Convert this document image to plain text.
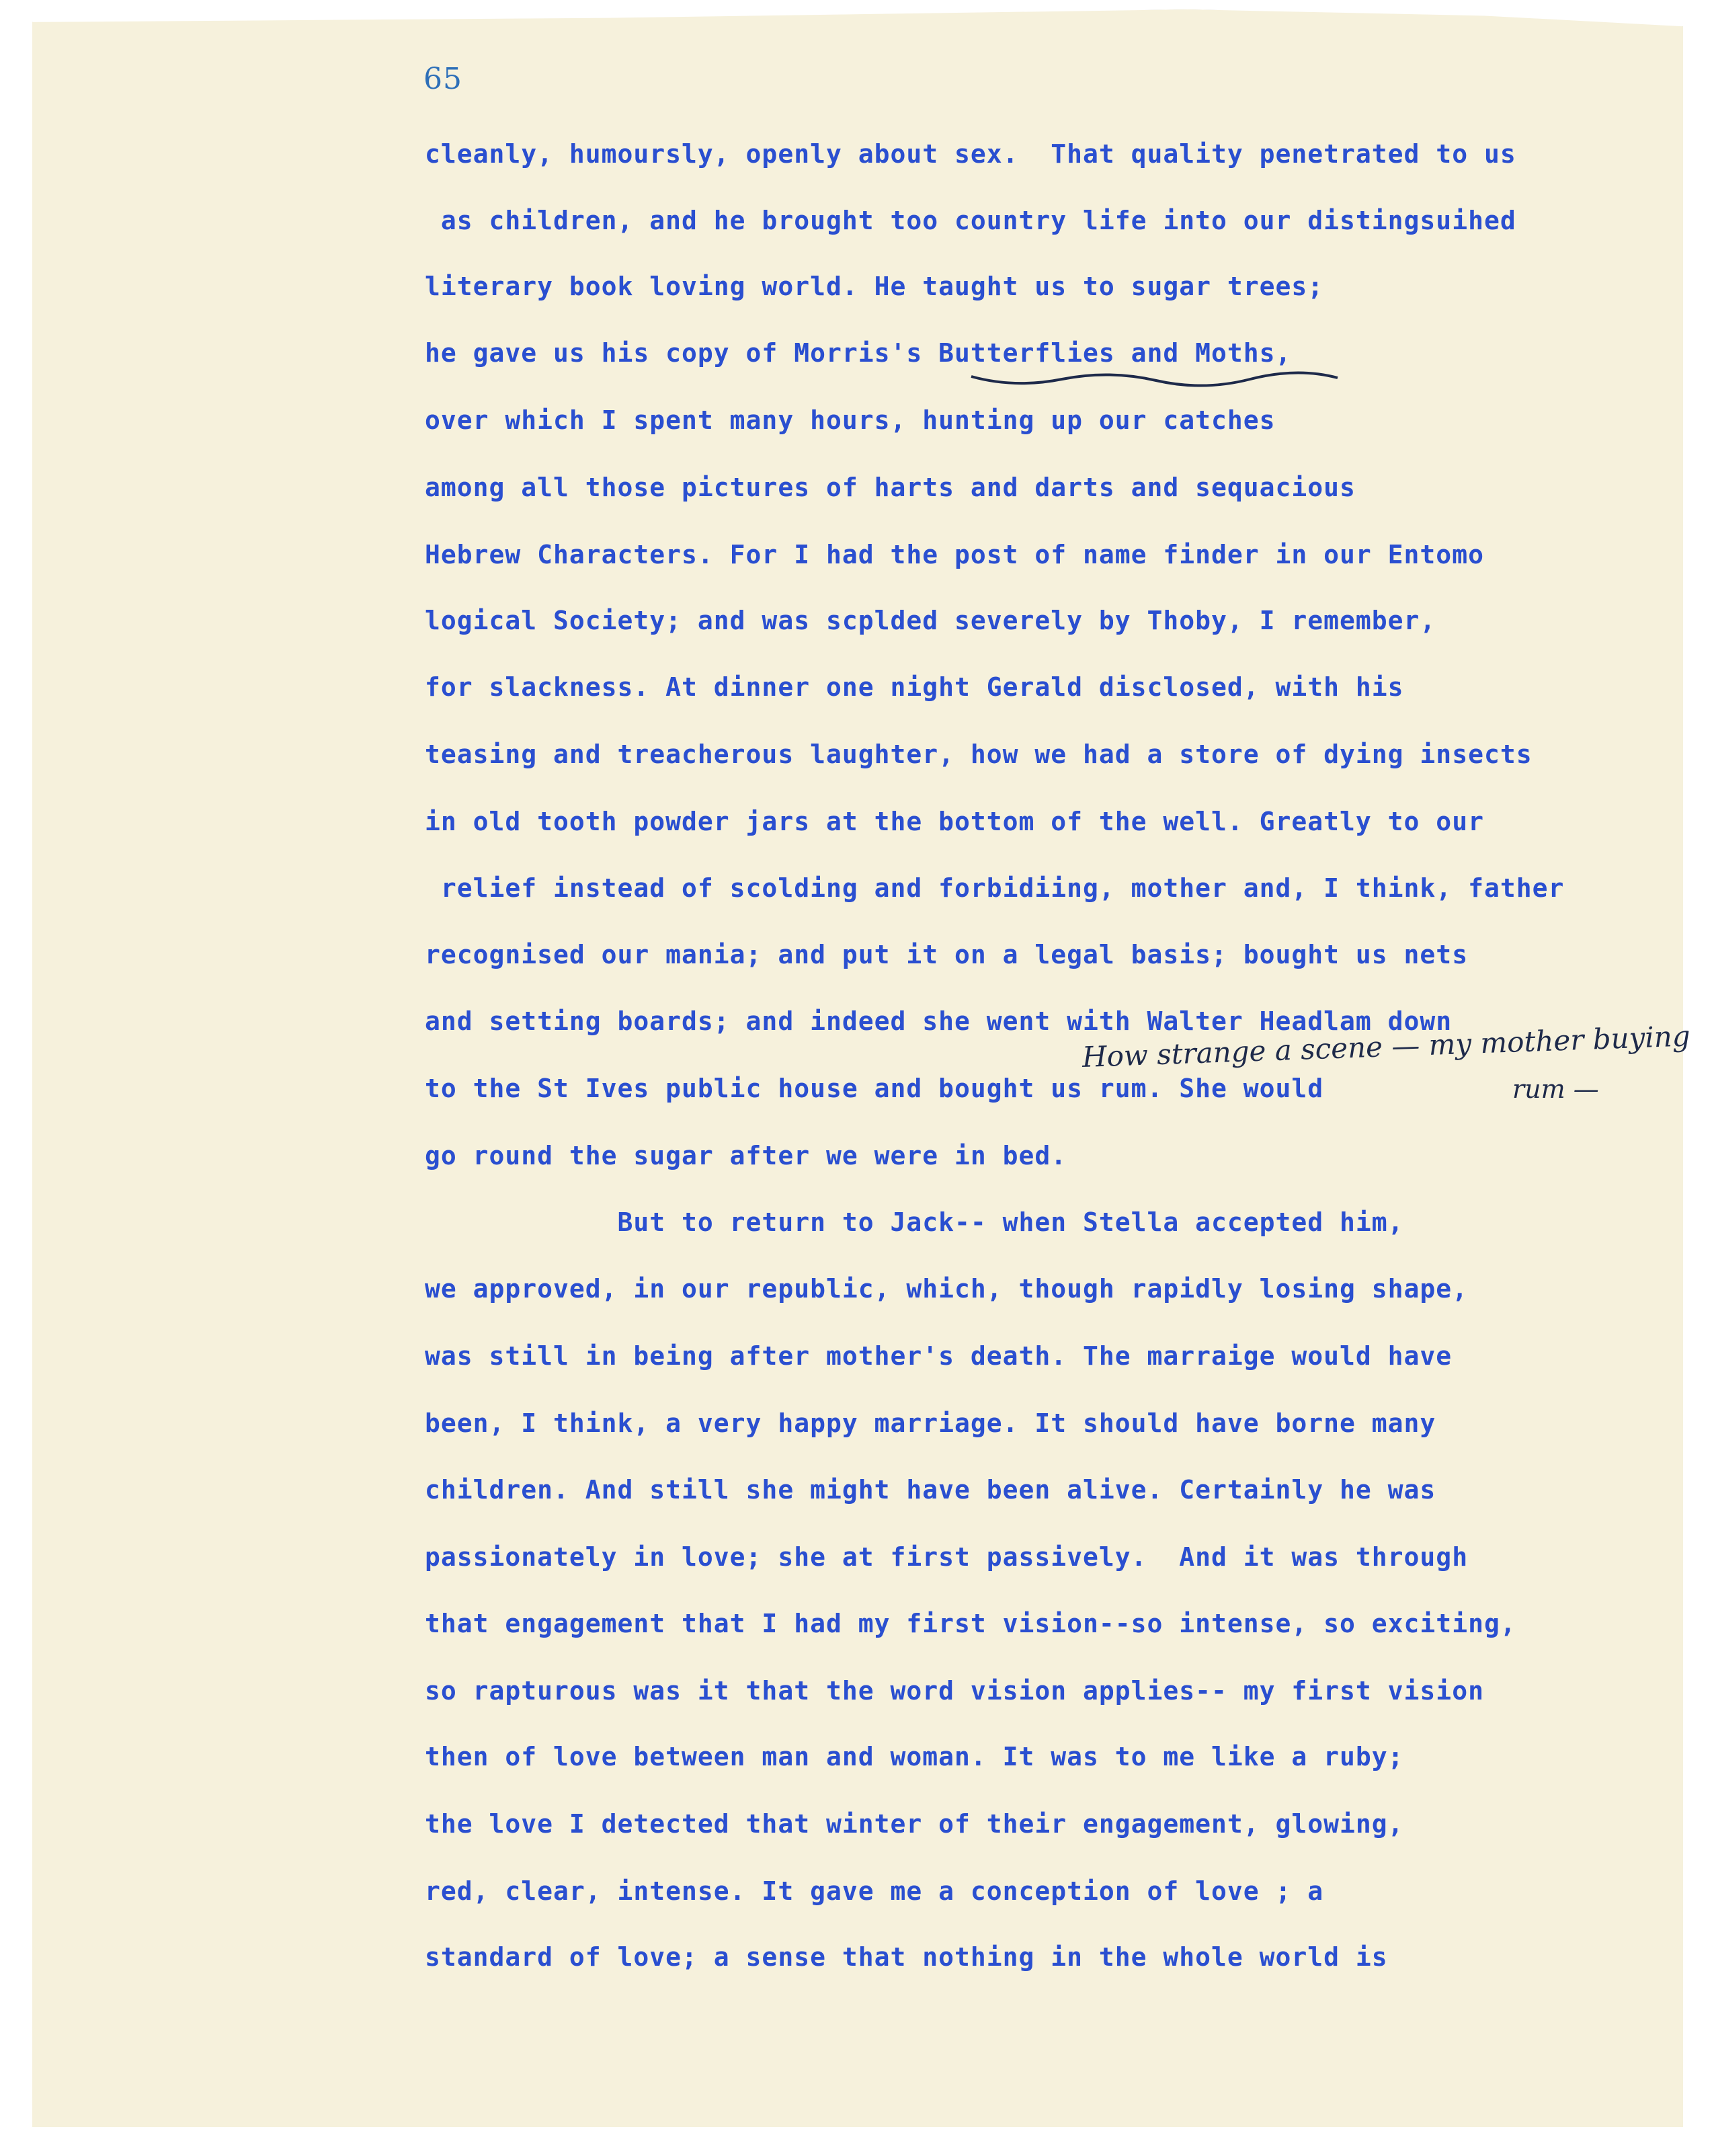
65
cleanly, humoursly, openly about sex.  That quality penetrated to us
as children, and he brought too country life into our distingsuihed
literary book loving world. He taught us to sugar trees;
he gave us his copy of Morris's Butterflies and Moths,
over which I spent many hours, hunting up our catches
among all those pictures of harts and darts and sequacious
Hebrew Characters. For I had the post of name finder in our Entomo
logical Society; and was scplded severely by Thoby, I remember,
for slackness. At dinner one night Gerald disclosed, with his
teasing and treacherous laughter, how we had a store of dying insects
in old tooth powder jars at the bottom of the well. Greatly to our
relief instead of scolding and forbidiing, mother and, I think, father
recognised our mania; and put it on a legal basis; bought us nets
and setting boards; and indeed she went with Walter Headlam down
to the St Ives public house and bought us rum. She would
go round the sugar after we were in bed.
But to return to Jack-- when Stella accepted him,
we approved, in our republic, which, though rapidly losing shape,
was still in being after mother's death. The marraige would have
been, I think, a very happy marriage. It should have borne many
children. And still she might have been alive. Certainly he was
passionately in love; she at first passively.  And it was through
that engagement that I had my first vision--so intense, so exciting,
so rapturous was it that the word vision applies-- my first vision
then of love between man and woman. It was to me like a ruby;
the love I detected that winter of their engagement, glowing,
red, clear, intense. It gave me a conception of love ; a
standard of love; a sense that nothing in the whole world is
How strange a scene — my mother buying
rum —
